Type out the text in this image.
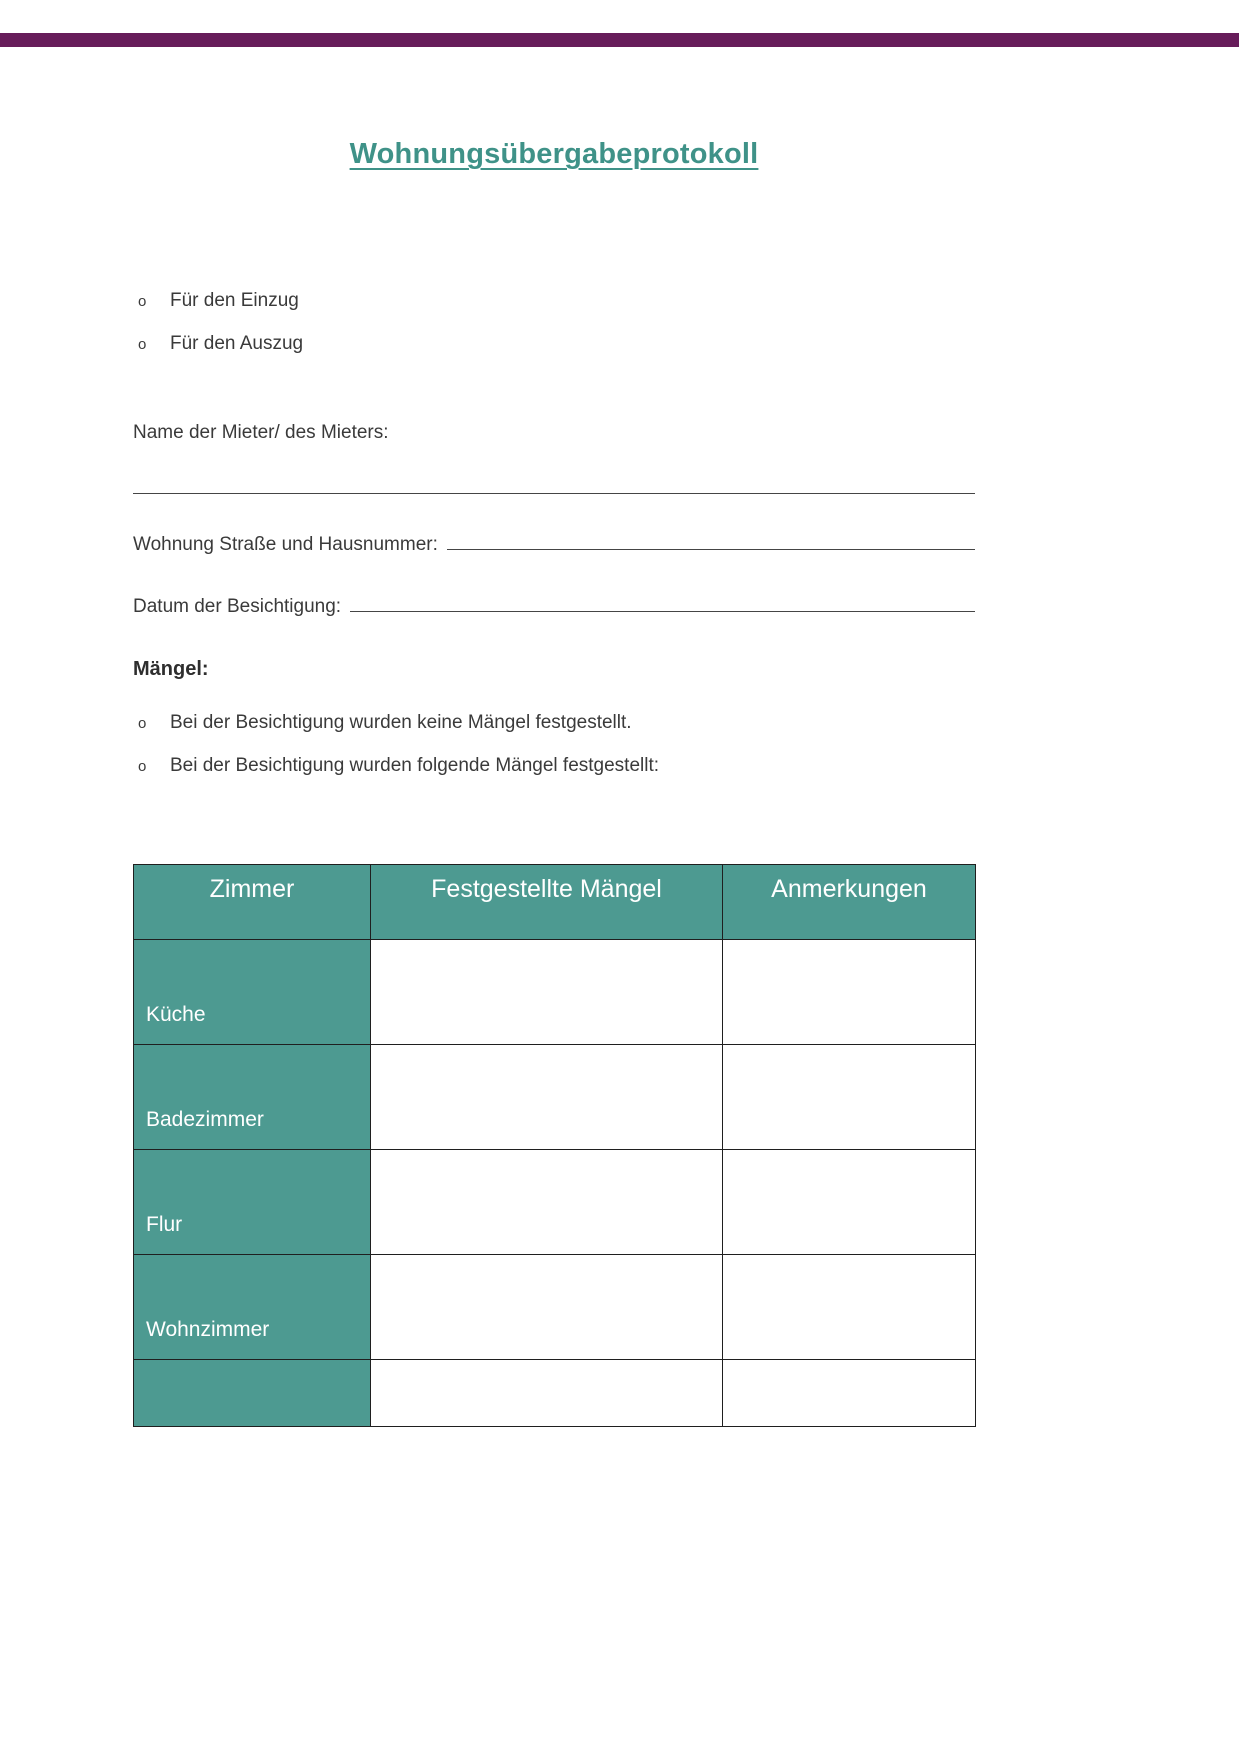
Wohnungsübergabeprotokoll
o	Für den Einzug
o	Für den Auszug
Name der Mieter/ des Mieters:
Wohnung Straße und Hausnummer:
Datum der Besichtigung:
Mängel:
o	Bei der Besichtigung wurden keine Mängel festgestellt.
o	Bei der Besichtigung wurden folgende Mängel festgestellt:
Zimmer	Festgestellte Mängel	Anmerkungen
Küche		
Badezimmer		
Flur		
Wohnzimmer		
